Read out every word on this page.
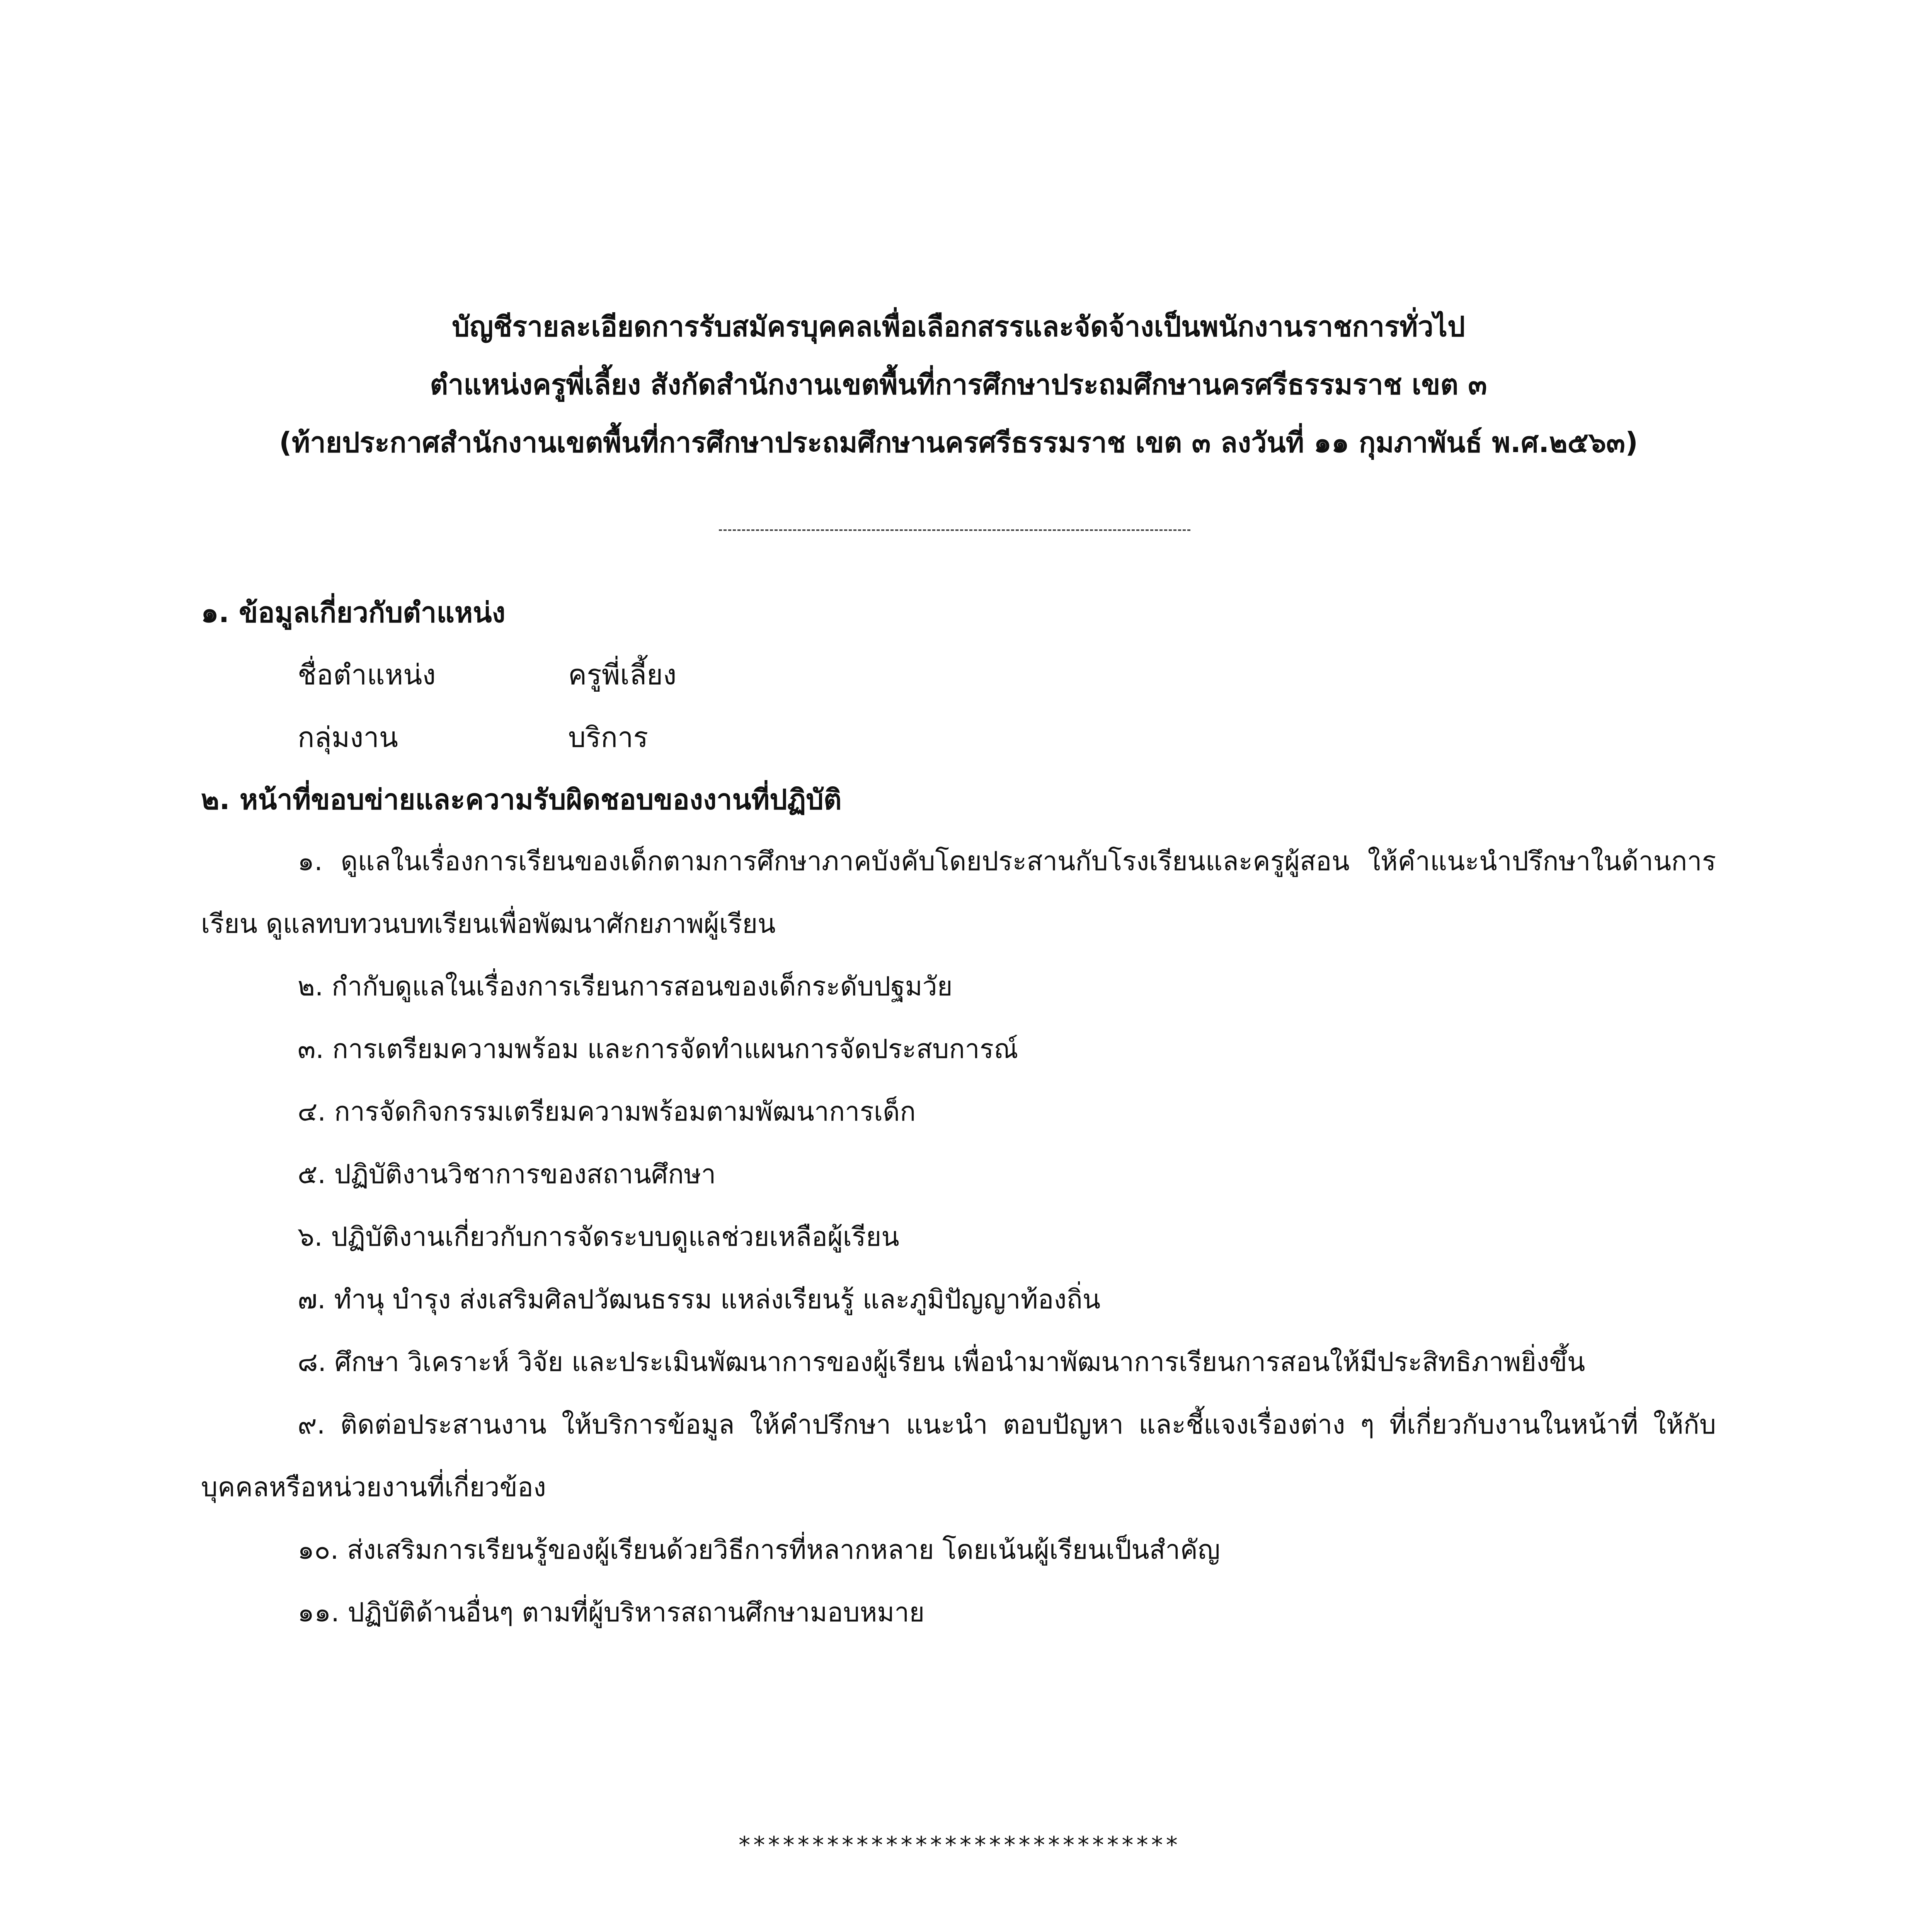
บัญชีรายละเอียดการรับสมัครบุคคลเพื่อเลือกสรรและจัดจ้างเป็นพนักงานราชการทั่วไป
ตำแหน่งครูพี่เลี้ยง สังกัดสำนักงานเขตพื้นที่การศึกษาประถมศึกษานครศรีธรรมราช เขต ๓
(ท้ายประกาศสำนักงานเขตพื้นที่การศึกษาประถมศึกษานครศรีธรรมราช เขต ๓ ลงวันที่ ๑๑ กุมภาพันธ์ พ.ศ.๒๕๖๓)
๑. ข้อมูลเกี่ยวกับตำแหน่ง
ชื่อตำแหน่ง	ครูพี่เลี้ยง
กลุ่มงาน	บริการ
๒. หน้าที่ขอบข่ายและความรับผิดชอบของงานที่ปฏิบัติ
๑. ดูแลในเรื่องการเรียนของเด็กตามการศึกษาภาคบังคับโดยประสานกับโรงเรียนและครูผู้สอน ให้คำแนะนำปรึกษาในด้านการเรียน ดูแลทบทวนบทเรียนเพื่อพัฒนาศักยภาพผู้เรียน
๒. กำกับดูแลในเรื่องการเรียนการสอนของเด็กระดับปฐมวัย
๓. การเตรียมความพร้อม และการจัดทำแผนการจัดประสบการณ์
๔. การจัดกิจกรรมเตรียมความพร้อมตามพัฒนาการเด็ก
๕. ปฏิบัติงานวิชาการของสถานศึกษา
๖. ปฏิบัติงานเกี่ยวกับการจัดระบบดูแลช่วยเหลือผู้เรียน
๗. ทำนุ บำรุง ส่งเสริมศิลปวัฒนธรรม แหล่งเรียนรู้ และภูมิปัญญาท้องถิ่น
๘. ศึกษา วิเคราะห์ วิจัย และประเมินพัฒนาการของผู้เรียน เพื่อนำมาพัฒนาการเรียนการสอนให้มีประสิทธิภาพยิ่งขึ้น
๙. ติดต่อประสานงาน ให้บริการข้อมูล ให้คำปรึกษา แนะนำ ตอบปัญหา และชี้แจงเรื่องต่าง ๆ ที่เกี่ยวกับงานในหน้าที่ ให้กับบุคคลหรือหน่วยงานที่เกี่ยวข้อง
๑๐. ส่งเสริมการเรียนรู้ของผู้เรียนด้วยวิธีการที่หลากหลาย โดยเน้นผู้เรียนเป็นสำคัญ
๑๑. ปฏิบัติด้านอื่นๆ ตามที่ผู้บริหารสถานศึกษามอบหมาย
******************************
